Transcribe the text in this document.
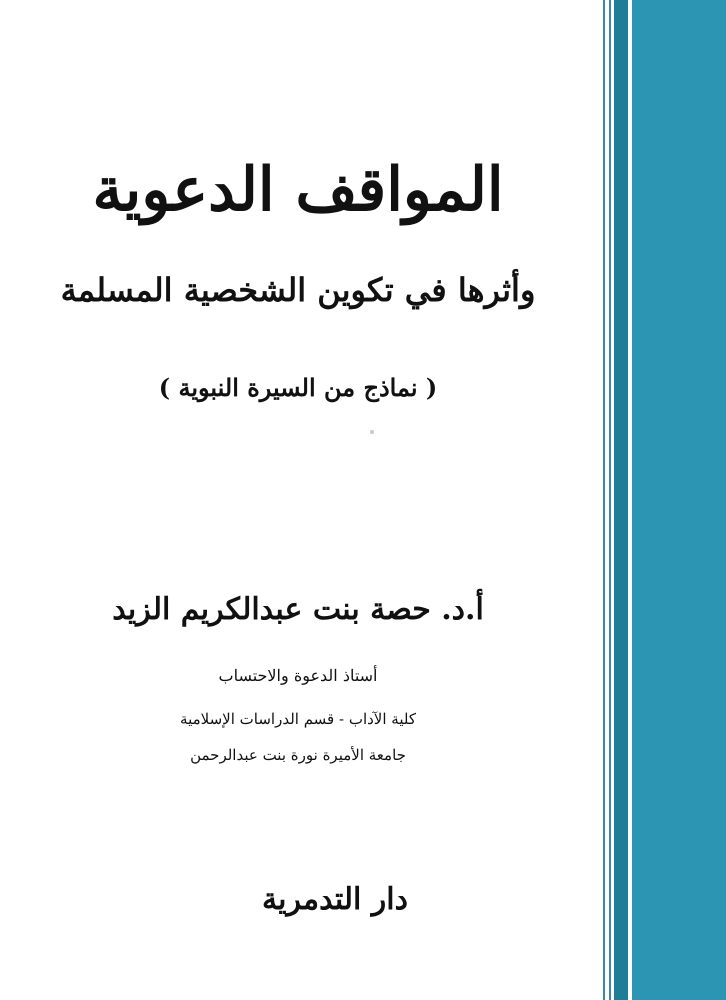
المواقف الدعوية
وأثرها في تكوين الشخصية المسلمة
( نماذج من السيرة النبوية )
أ.د. حصة بنت عبدالكريم الزيد
أستاذ الدعوة والاحتساب
كلية الآداب - قسم الدراسات الإسلامية
جامعة الأميرة نورة بنت عبدالرحمن
دار التدمرية
